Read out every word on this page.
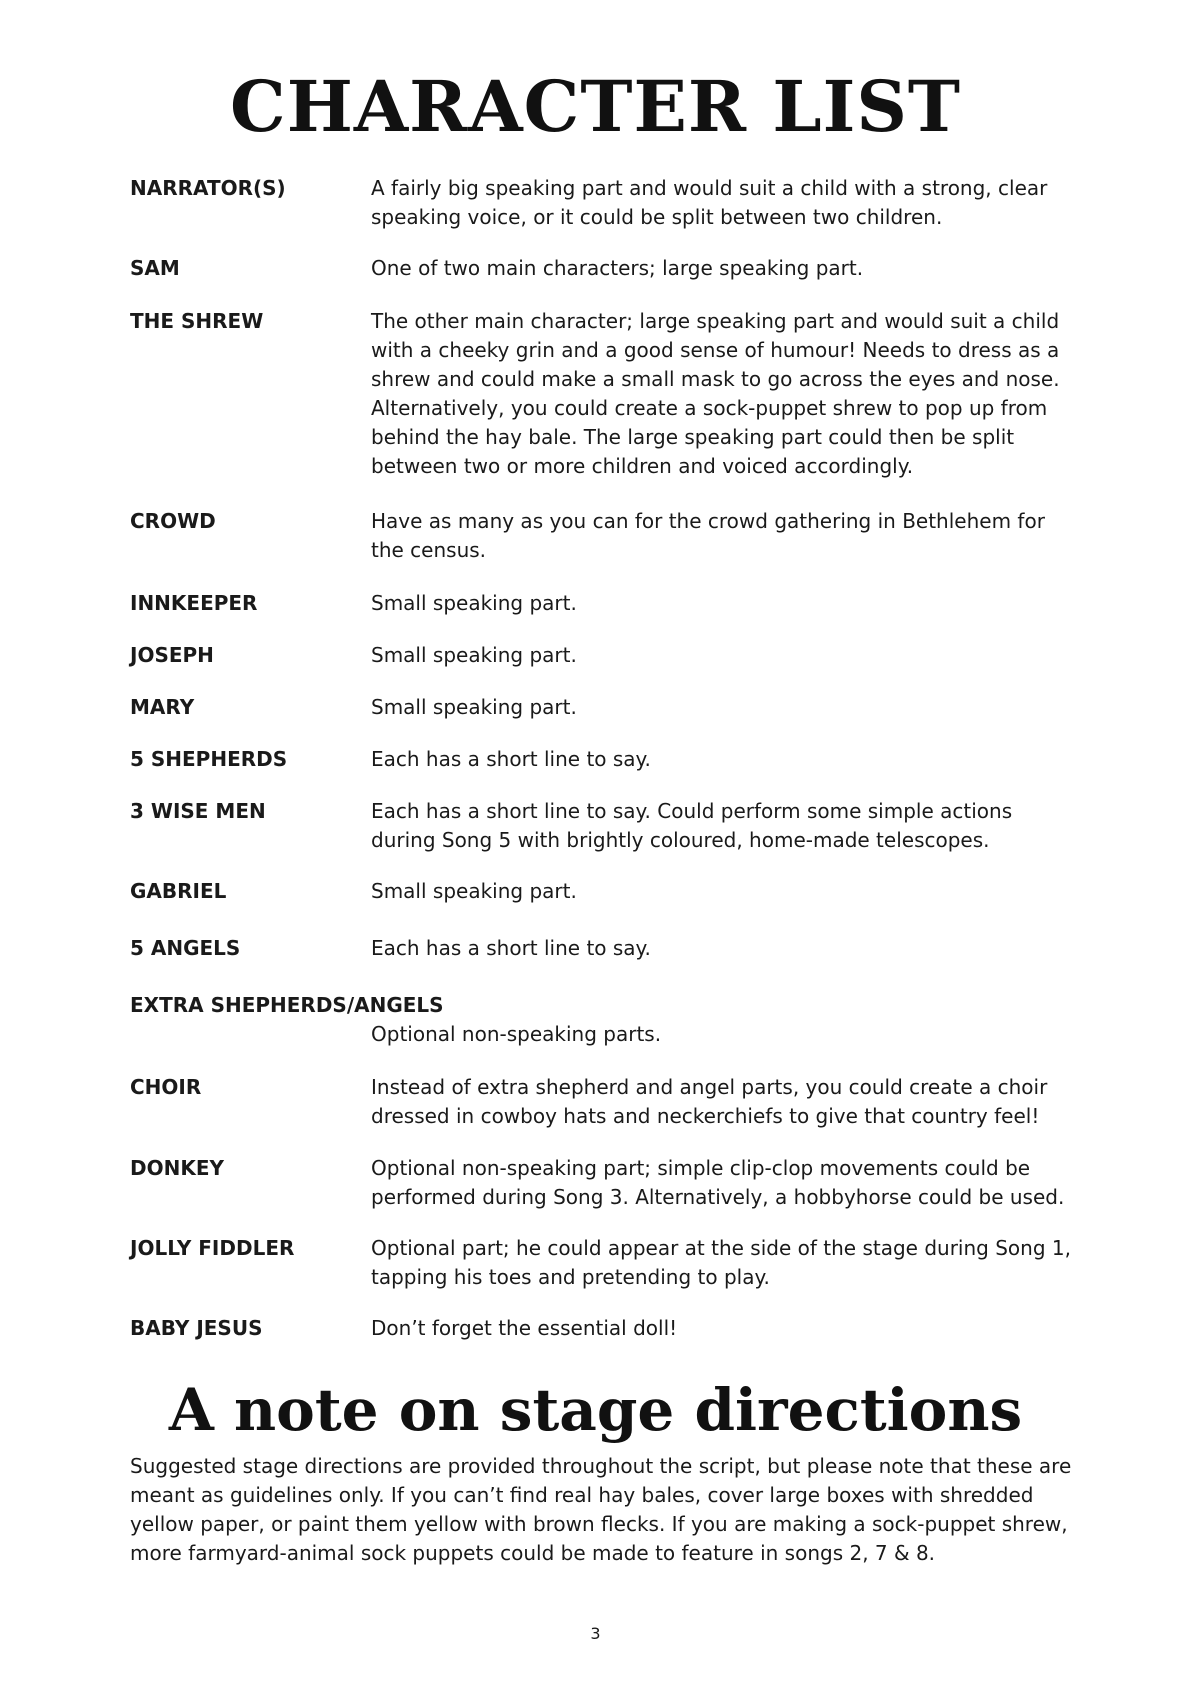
CHARACTER LIST
NARRATOR(S)	A fairly big speaking part and would suit a child with a strong, clear speaking voice, or it could be split between two children.
SAM	One of two main characters; large speaking part.
THE SHREW	The other main character; large speaking part and would suit a child with a cheeky grin and a good sense of humour! Needs to dress as a shrew and could make a small mask to go across the eyes and nose. Alternatively, you could create a sock-puppet shrew to pop up from behind the hay bale. The large speaking part could then be split between two or more children and voiced accordingly.
CROWD	Have as many as you can for the crowd gathering in Bethlehem for the census.
INNKEEPER	Small speaking part.
JOSEPH	Small speaking part.
MARY	Small speaking part.
5 SHEPHERDS	Each has a short line to say.
3 WISE MEN	Each has a short line to say. Could perform some simple actions during Song 5 with brightly coloured, home-made telescopes.
GABRIEL	Small speaking part.
5 ANGELS	Each has a short line to say.
EXTRA SHEPHERDS/ANGELS
Optional non-speaking parts.
CHOIR	Instead of extra shepherd and angel parts, you could create a choir dressed in cowboy hats and neckerchiefs to give that country feel!
DONKEY	Optional non-speaking part; simple clip-clop movements could be performed during Song 3. Alternatively, a hobbyhorse could be used.
JOLLY FIDDLER	Optional part; he could appear at the side of the stage during Song 1, tapping his toes and pretending to play.
BABY JESUS	Don’t forget the essential doll!
A note on stage directions

Suggested stage directions are provided throughout the script, but please note that these are meant as guidelines only. If you can’t find real hay bales, cover large boxes with shredded yellow paper, or paint them yellow with brown flecks. If you are making a sock-puppet shrew, more farmyard-animal sock puppets could be made to feature in songs 2, 7 & 8.

3
